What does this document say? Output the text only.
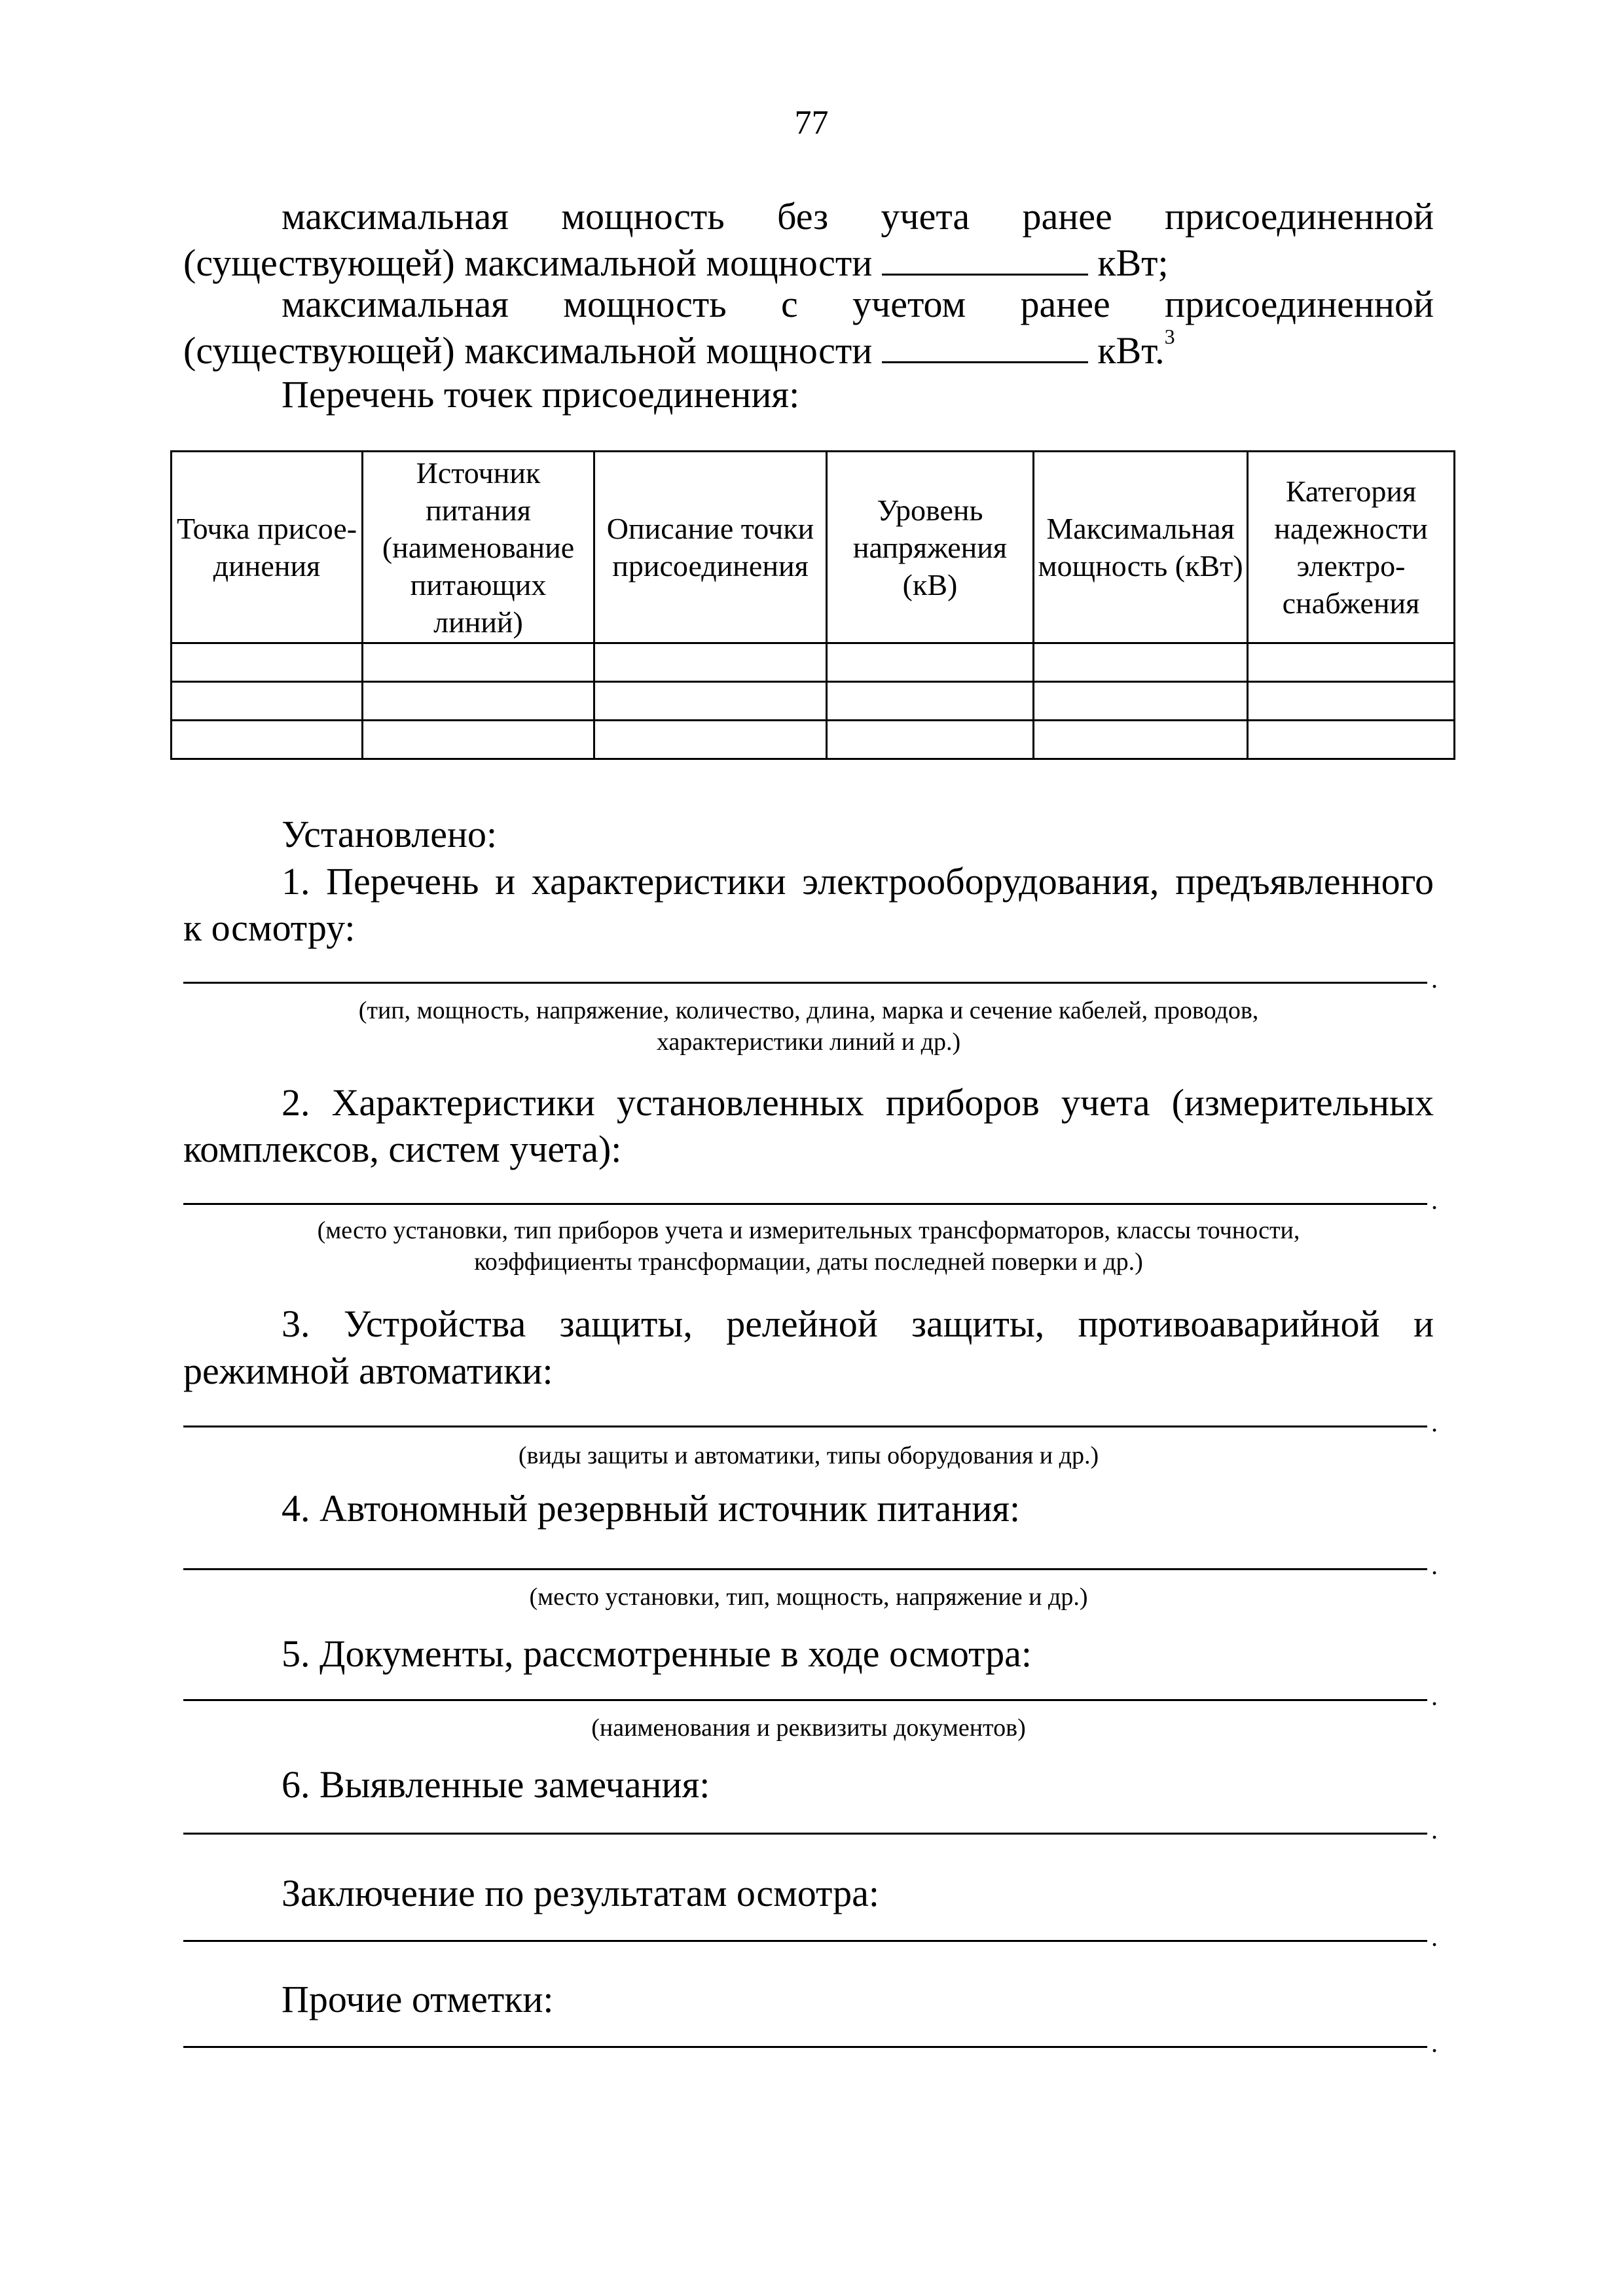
77
максимальная мощность без учета ранее присоединенной
(существующей) максимальной мощности	кВт;
максимальная мощность с учетом ранее присоединенной
(существующей) максимальной мощности	кВт.$^3$
Перечень точек присоединения:
Точка присое-динения	Источник питания (наименование питающих линий)	Описание точки присоединения	Уровень напряжения (кВ)	Максимальная мощность (кВт)	Категория надежности электро-снабжения

Установлено:
1. Перечень и характеристики электрооборудования, предъявленного
к осмотру:
.
(тип, мощность, напряжение, количество, длина, марка и сечение кабелей, проводов,
характеристики линий и др.)
2. Характеристики установленных приборов учета (измерительных
комплексов, систем учета):
.
(место установки, тип приборов учета и измерительных трансформаторов, классы точности,
коэффициенты трансформации, даты последней поверки и др.)
3. Устройства защиты, релейной защиты, противоаварийной и
режимной автоматики:
.
(виды защиты и автоматики, типы оборудования и др.)
4. Автономный резервный источник питания:
.
(место установки, тип, мощность, напряжение и др.)
5. Документы, рассмотренные в ходе осмотра:
.
(наименования и реквизиты документов)
6. Выявленные замечания:
.
Заключение по результатам осмотра:
.
Прочие отметки:
.
